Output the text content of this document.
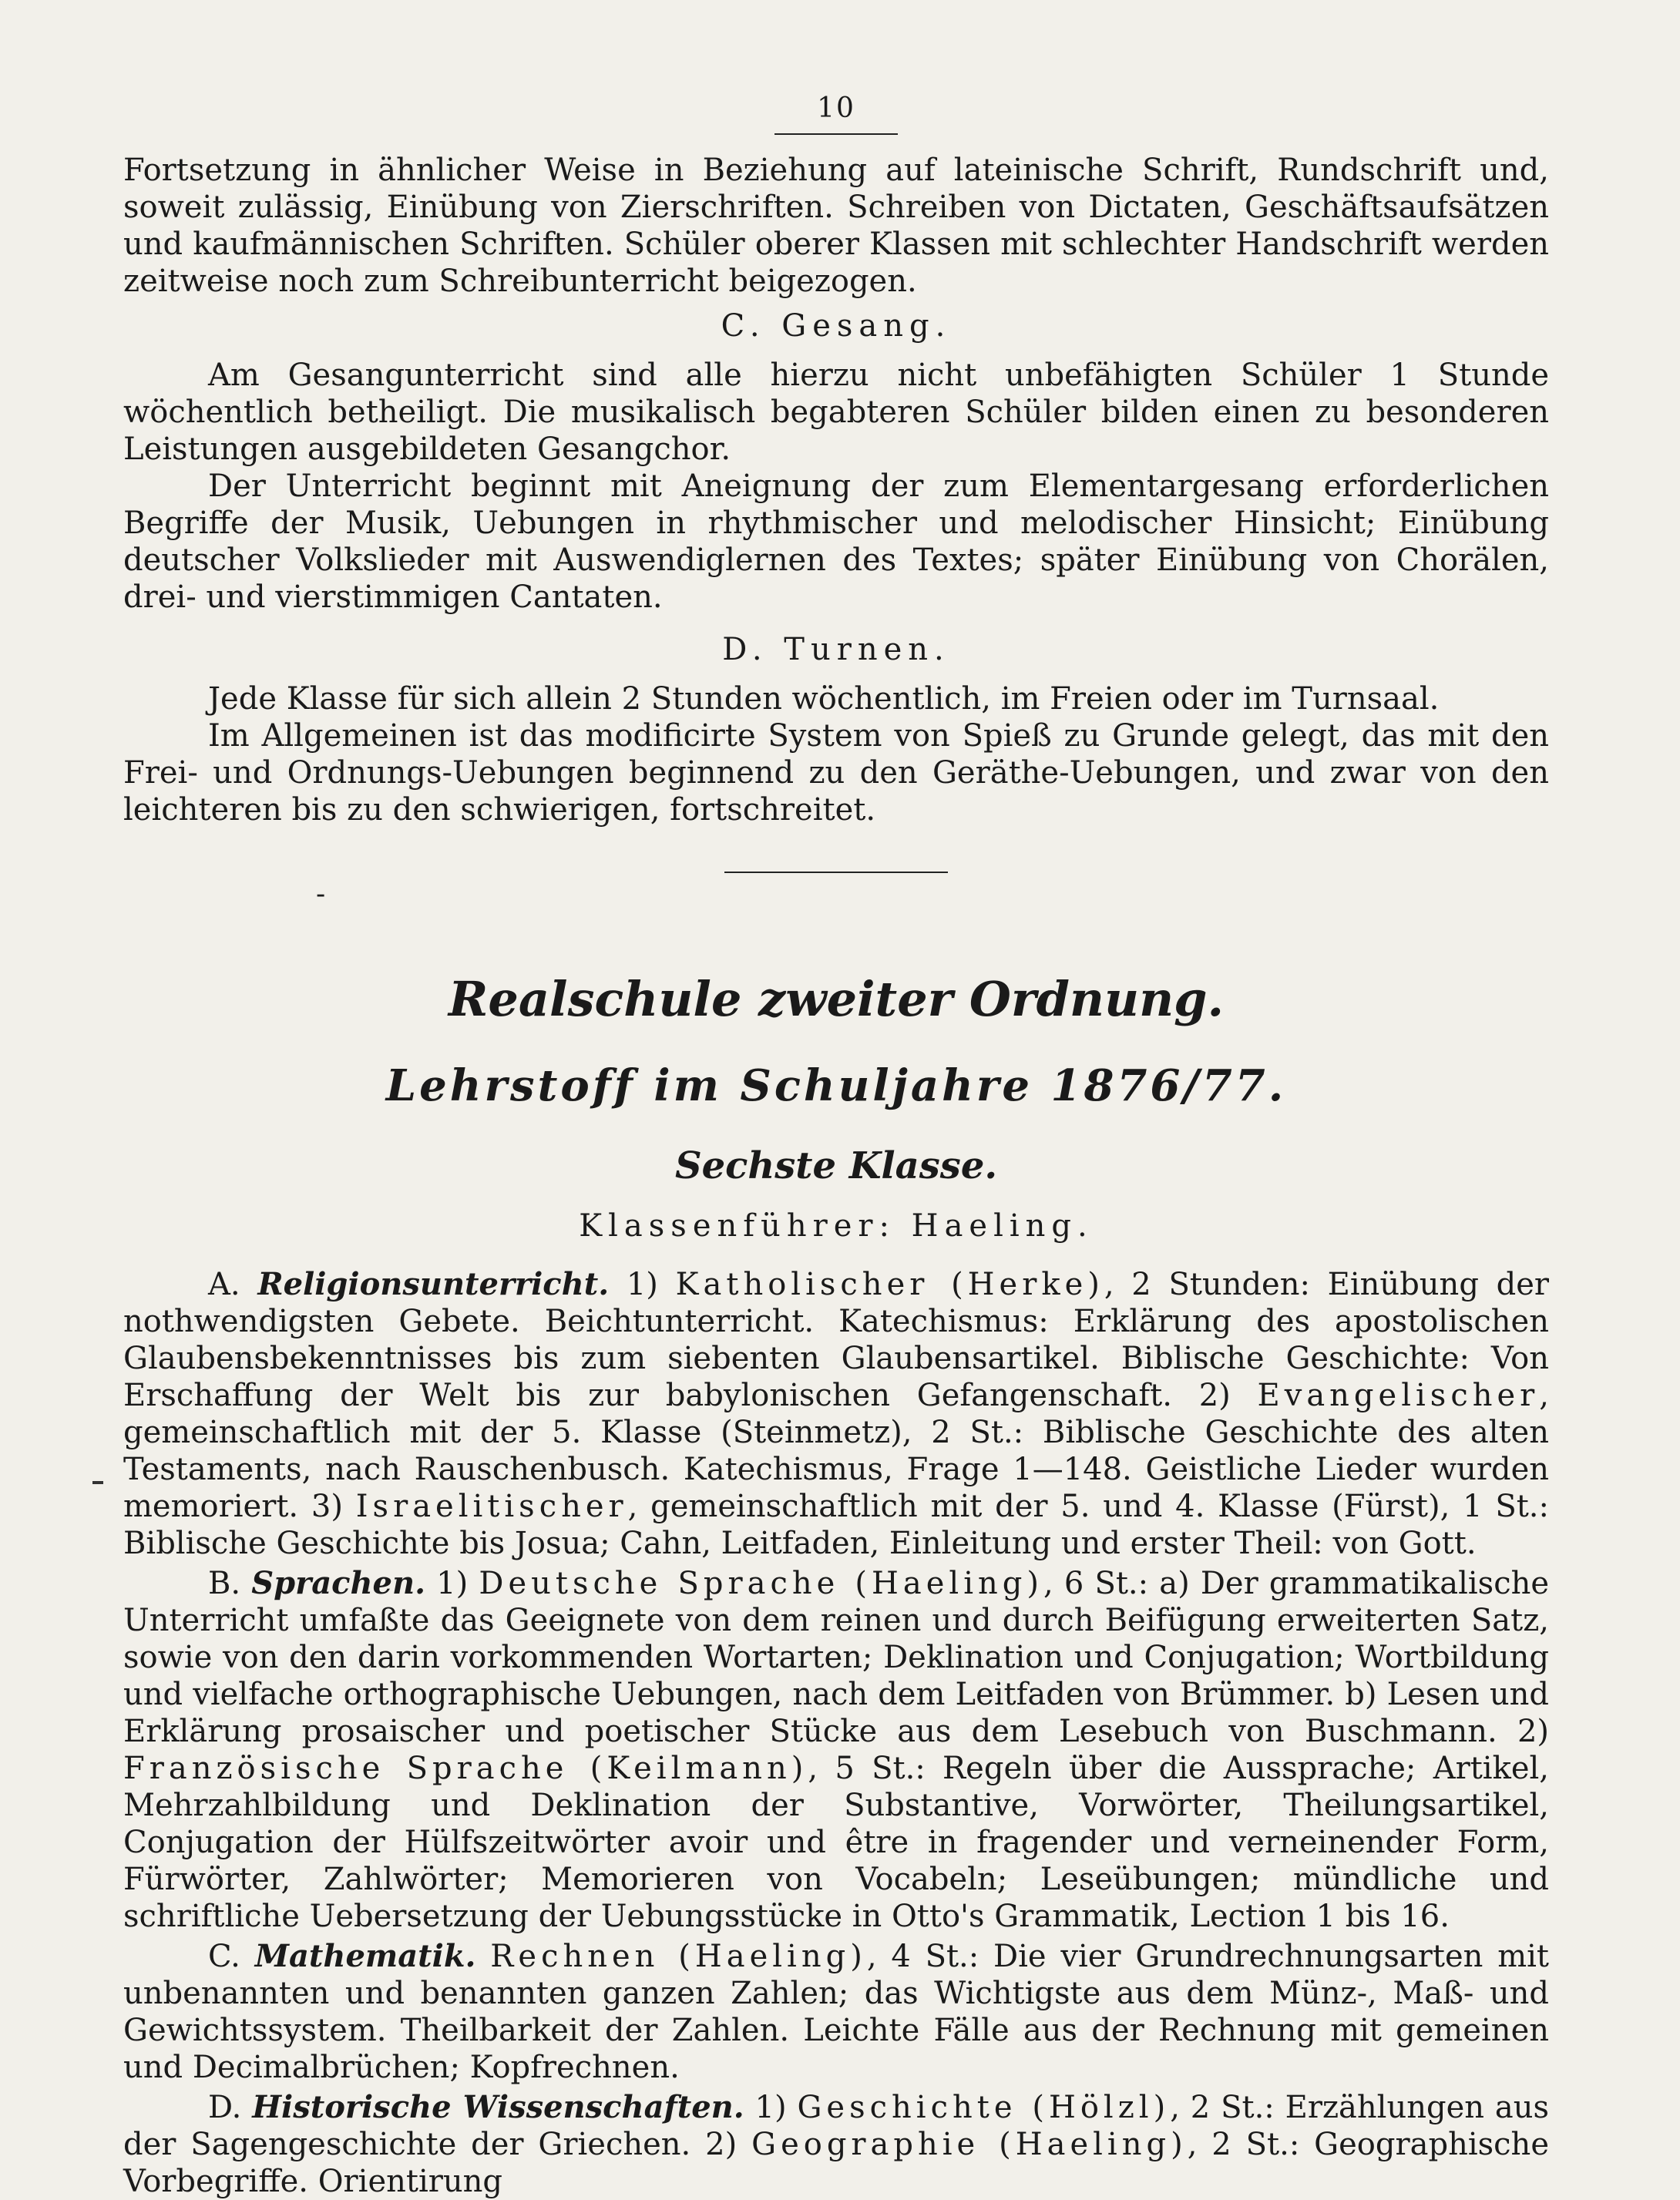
10

Fortsetzung in ähnlicher Weise in Beziehung auf lateinische Schrift, Rundschrift und, soweit zulässig, Einübung von Zierschriften. Schreiben von Dictaten, Geschäftsaufsätzen und kaufmännischen Schriften. Schüler oberer Klassen mit schlechter Handschrift werden zeitweise noch zum Schreibunterricht beigezogen.

C. Gesang.

Am Gesangunterricht sind alle hierzu nicht unbefähigten Schüler 1 Stunde wöchentlich betheiligt. Die musikalisch begabteren Schüler bilden einen zu besonderen Leistungen ausgebildeten Gesangchor.

Der Unterricht beginnt mit Aneignung der zum Elementargesang erforderlichen Begriffe der Musik, Uebungen in rhythmischer und melodischer Hinsicht; Einübung deutscher Volkslieder mit Auswendiglernen des Textes; später Einübung von Chorälen, drei- und vierstimmigen Cantaten.

D. Turnen.

Jede Klasse für sich allein 2 Stunden wöchentlich, im Freien oder im Turnsaal.

Im Allgemeinen ist das modificirte System von Spieß zu Grunde gelegt, das mit den Frei- und Ordnungs-Uebungen beginnend zu den Geräthe-Uebungen, und zwar von den leichteren bis zu den schwierigen, fortschreitet.

-
Realschule zweiter Ordnung.
Lehrstoff im Schuljahre 1876/77.
Sechste Klasse.
Klassenführer: Haeling.

A. Religionsunterricht. 1) Katholischer (Herke), 2 Stunden: Einübung der nothwendigsten Gebete. Beichtunterricht. Katechismus: Erklärung des apostolischen Glaubensbekenntnisses bis zum siebenten Glaubensartikel. Biblische Geschichte: Von Erschaffung der Welt bis zur babylonischen Gefangenschaft. 2) Evangelischer, gemeinschaftlich mit der 5. Klasse (Steinmetz), 2 St.: Biblische Geschichte des alten Testaments, nach Rauschenbusch. Katechismus, Frage 1—148. Geistliche Lieder wurden memoriert. 3) Israelitischer, gemeinschaftlich mit der 5. und 4. Klasse (Fürst), 1 St.: Biblische Geschichte bis Josua; Cahn, Leitfaden, Einleitung und erster Theil: von Gott.

B. Sprachen. 1) Deutsche Sprache (Haeling), 6 St.: a) Der grammatikalische Unterricht umfaßte das Geeignete von dem reinen und durch Beifügung erweiterten Satz, sowie von den darin vorkommenden Wortarten; Deklination und Conjugation; Wortbildung und vielfache orthographische Uebungen, nach dem Leitfaden von Brümmer. b) Lesen und Erklärung prosaischer und poetischer Stücke aus dem Lesebuch von Buschmann. 2) Französische Sprache (Keilmann), 5 St.: Regeln über die Aussprache; Artikel, Mehrzahlbildung und Deklination der Substantive, Vorwörter, Theilungsartikel, Conjugation der Hülfszeitwörter avoir und être in fragender und verneinender Form, Fürwörter, Zahlwörter; Memorieren von Vocabeln; Leseübungen; mündliche und schriftliche Uebersetzung der Uebungsstücke in Otto's Grammatik, Lection 1 bis 16.

C. Mathematik. Rechnen (Haeling), 4 St.: Die vier Grundrechnungsarten mit unbenannten und benannten ganzen Zahlen; das Wichtigste aus dem Münz-, Maß- und Gewichtssystem. Theilbarkeit der Zahlen. Leichte Fälle aus der Rechnung mit gemeinen und Decimalbrüchen; Kopfrechnen.

D. Historische Wissenschaften. 1) Geschichte (Hölzl), 2 St.: Erzählungen aus der Sagengeschichte der Griechen. 2) Geographie (Haeling), 2 St.: Geographische Vorbegriffe. Orientirung
